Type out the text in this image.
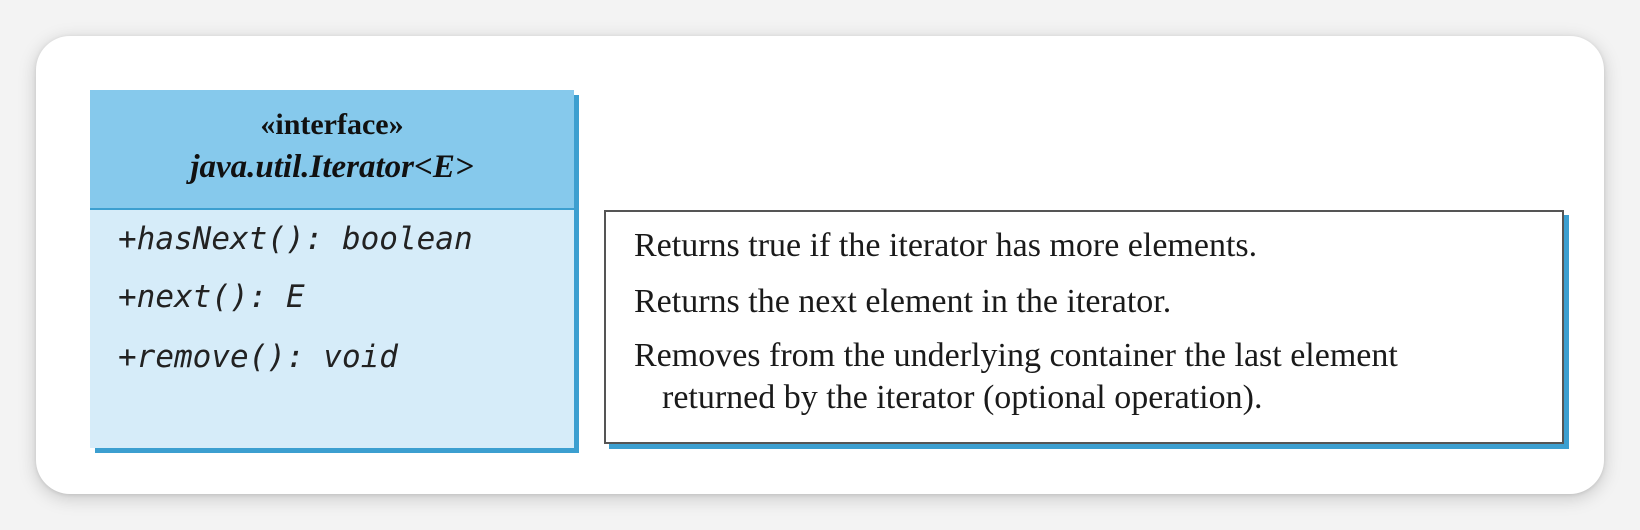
«interface»
java.util.Iterator<E>
+hasNext(): boolean
+next(): E
+remove(): void
Returns true if the iterator has more elements.
Returns the next element in the iterator.
Removes from the underlying container the last element
returned by the iterator (optional operation).
